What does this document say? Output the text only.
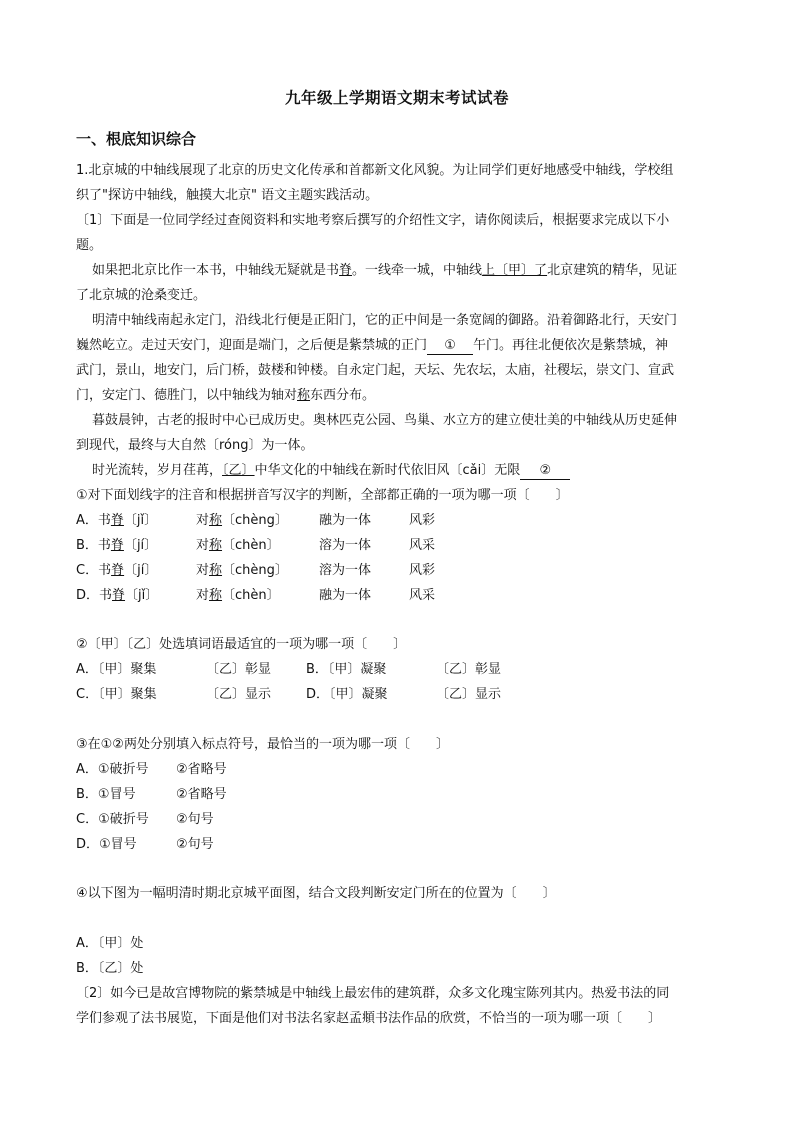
九年级上学期语文期末考试试卷
一、根底知识综合
1.北京城的中轴线展现了北京的历史文化传承和首都新文化风貌。为让同学们更好地感受中轴线，学校组
织了"探访中轴线，触摸大北京" 语文主题实践活动。
〔1〕下面是一位同学经过查阅资料和实地考察后撰写的介绍性文字，请你阅读后，根据要求完成以下小
题。
如果把北京比作一本书，中轴线无疑就是书脊。一线牵一城，中轴线上〔甲〕了北京建筑的精华，见证
了北京城的沧桑变迁。
明清中轴线南起永定门，沿线北行便是正阳门，它的正中间是一条宽阔的御路。沿着御路北行，天安门
巍然屹立。走过天安门，迎面是端门，之后便是紫禁城的正门 ① 午门。再往北便依次是紫禁城，神
武门，景山，地安门，后门桥，鼓楼和钟楼。自永定门起，天坛、先农坛，太庙，社稷坛，崇文门、宣武
门，安定门、德胜门，以中轴线为轴对称东西分布。
暮鼓晨钟，古老的报时中心已成历史。奥林匹克公园、鸟巢、水立方的建立使壮美的中轴线从历史延伸
到现代，最终与大自然〔róng〕为一体。
时光流转，岁月荏苒，〔乙〕中华文化的中轴线在新时代依旧风〔cǎi〕无限 ②
①对下面划线字的注音和根据拼音写汉字的判断，全部都正确的一项为哪一项〔　　〕
A．书脊〔jǐ〕	对称〔chèng〕 融为一体	风彩
B．书脊〔jí〕	对称〔chèn〕	溶为一体	风采
C．书脊〔jí〕	对称〔chèng〕 溶为一体	风彩
D．书脊〔jǐ〕	对称〔chèn〕	融为一体	风采
②〔甲〕〔乙〕处选填词语最适宜的一项为哪一项〔　　〕
A．〔甲〕聚集	〔乙〕彰显	B．〔甲〕凝聚	〔乙〕彰显
C．〔甲〕聚集	〔乙〕显示	D．〔甲〕凝聚	〔乙〕显示
③在①②两处分别填入标点符号，最恰当的一项为哪一项〔　　〕
A．①破折号 ②省略号
B．①冒号	②省略号
C．①破折号 ②句号
D．①冒号	②句号
④以下图为一幅明清时期北京城平面图，结合文段判断安定门所在的位置为〔　　〕
A．〔甲〕处
B．〔乙〕处
〔2〕如今已是故宫博物院的紫禁城是中轴线上最宏伟的建筑群，众多文化瑰宝陈列其内。热爱书法的同
学们参观了法书展览，下面是他们对书法名家赵孟頫书法作品的欣赏，不恰当的一项为哪一项〔　　〕
